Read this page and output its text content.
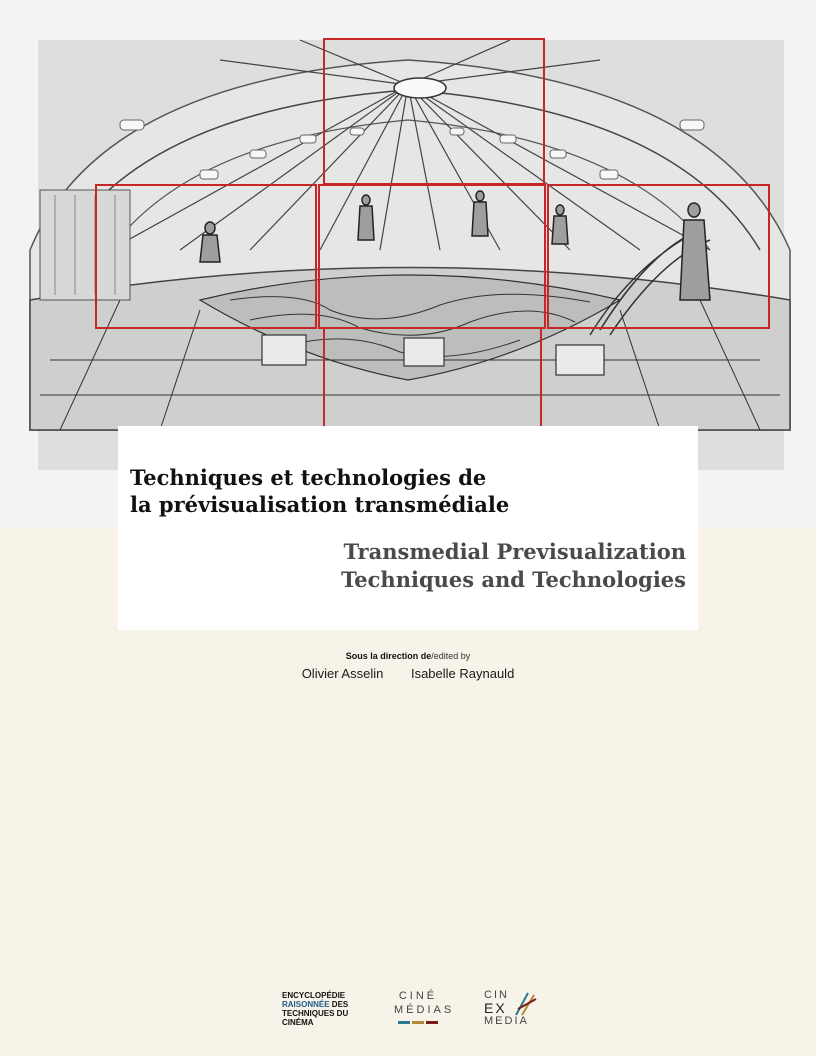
Techniques et technologies de
la prévisualisation transmédiale
Transmedial Previsualization
Techniques and Technologies
Sous la direction de/edited by
Olivier Asselin Isabelle Raynauld
ENCYCLOPÉDIE
RAISONNÉE DES
TECHNIQUES DU
CINÉMA
CINÉ
MÉDIAS
CIN
EX
MEDIA
